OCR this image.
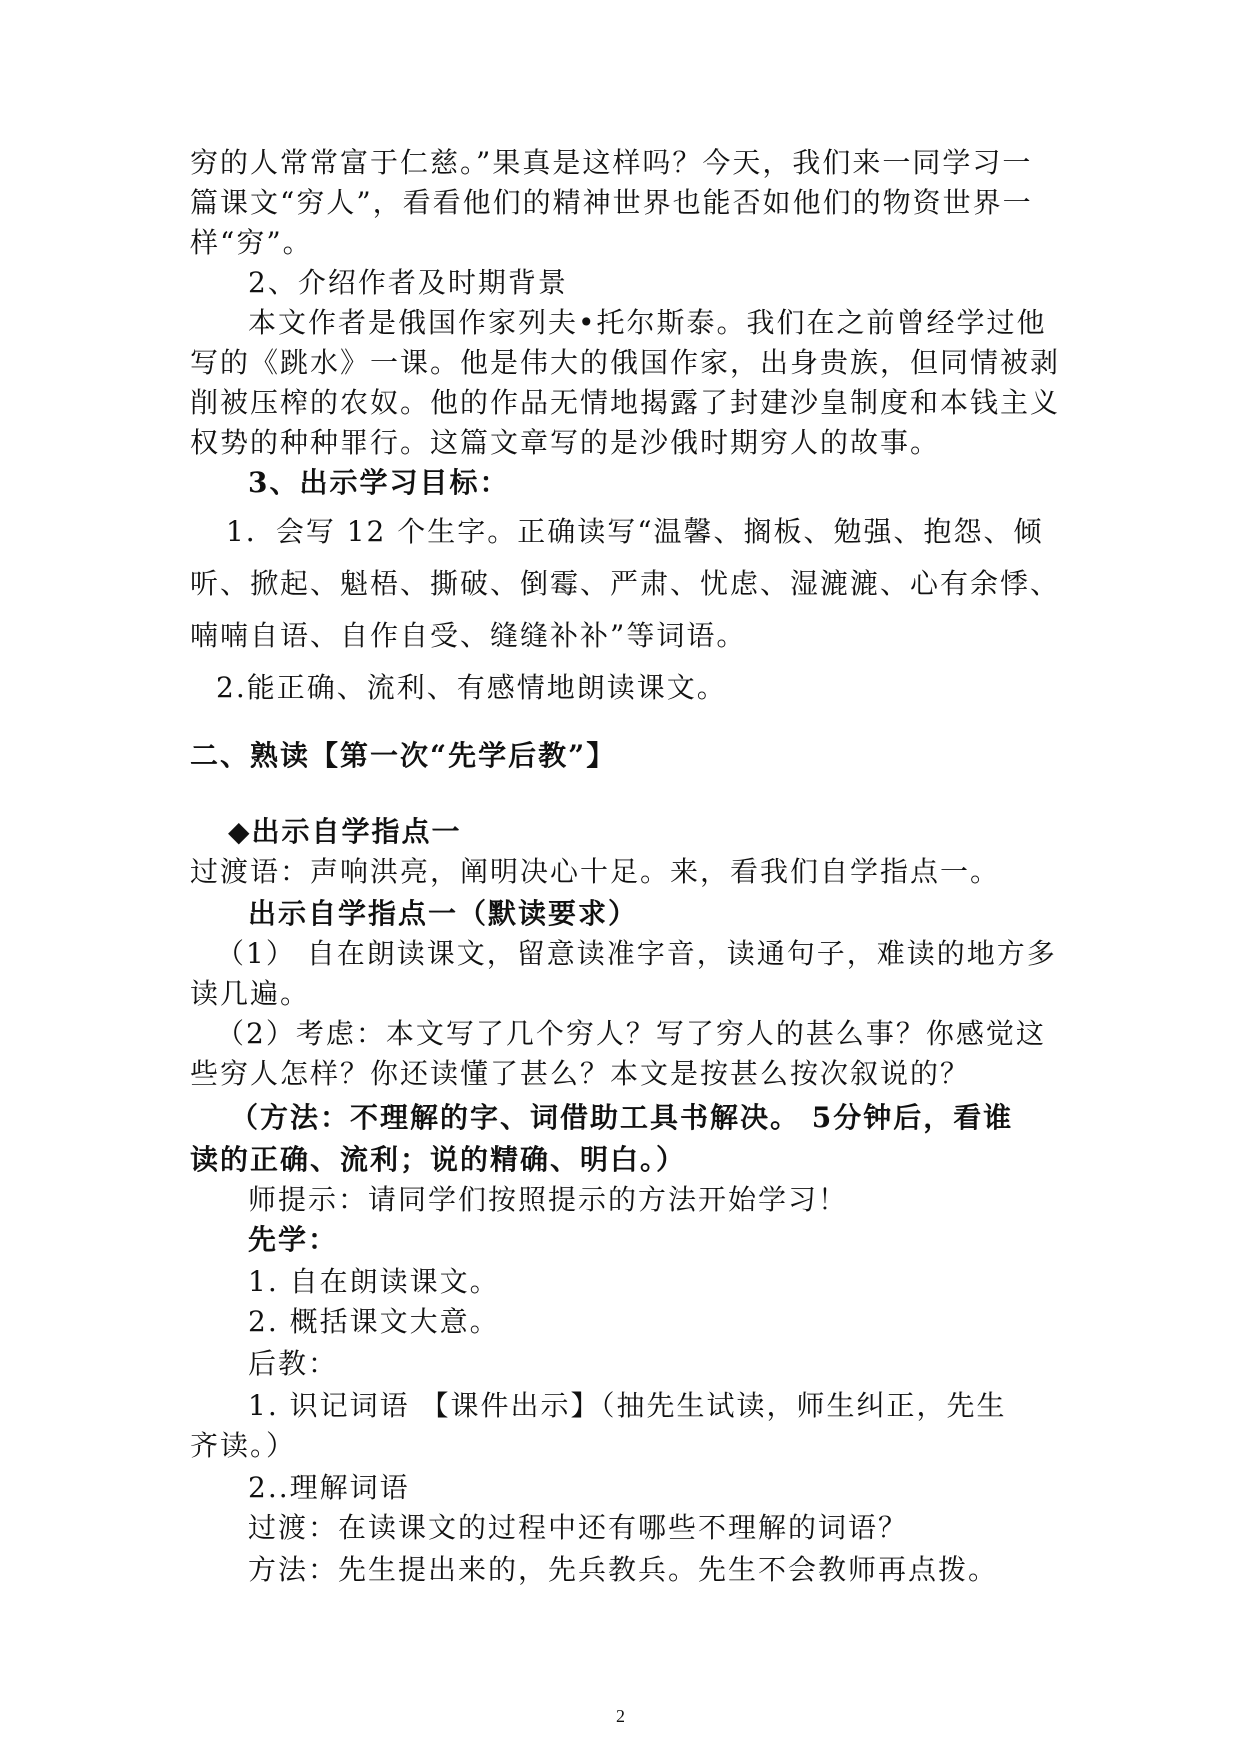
穷的人常常富于仁慈。”果真是这样吗？今天，我们来一同学习一
篇课文“穷人”，看看他们的精神世界也能否如他们的物资世界一
样“穷”。
2、介绍作者及时期背景
本文作者是俄国作家列夫•托尔斯泰。我们在之前曾经学过他
写的《跳水》一课。他是伟大的俄国作家，出身贵族，但同情被剥
削被压榨的农奴。他的作品无情地揭露了封建沙皇制度和本钱主义
权势的种种罪行。这篇文章写的是沙俄时期穷人的故事。
3、出示学习目标：
1．会写 12 个生字。正确读写“温馨、搁板、勉强、抱怨、倾
听、掀起、魁梧、撕破、倒霉、严肃、忧虑、湿漉漉、心有余悸、
喃喃自语、自作自受、缝缝补补”等词语。
2.能正确、流利、有感情地朗读课文。
二、熟读【第一次“先学后教”】
◆出示自学指点一
过渡语：声响洪亮，阐明决心十足。来，看我们自学指点一。
出示自学指点一（默读要求）
（1） 自在朗读课文，留意读准字音，读通句子，难读的地方多
读几遍。
（2）考虑：本文写了几个穷人？写了穷人的甚么事？你感觉这
些穷人怎样？你还读懂了甚么？本文是按甚么按次叙说的？
（方法：不理解的字、词借助工具书解决。 5分钟后，看谁
读的正确、流利；说的精确、明白。）
师提示：请同学们按照提示的方法开始学习！
先学：
1. 自在朗读课文。
2. 概括课文大意。
后教：
1. 识记词语 【课件出示】（抽先生试读，师生纠正，先生
齐读。）
2..理解词语
过渡：在读课文的过程中还有哪些不理解的词语？
方法：先生提出来的，先兵教兵。先生不会教师再点拨。
2
